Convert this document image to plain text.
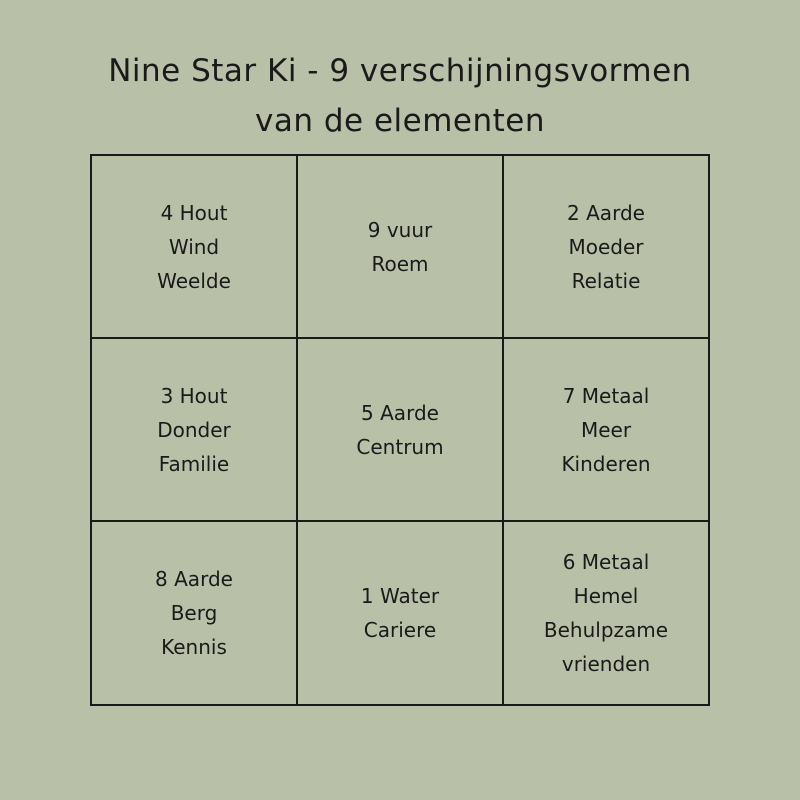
Nine Star Ki - 9 verschijningsvormen
van de elementen
4 Hout
Wind
Weelde
9 vuur
Roem
2 Aarde
Moeder
Relatie
3 Hout
Donder
Familie
5 Aarde
Centrum
7 Metaal
Meer
Kinderen
8 Aarde
Berg
Kennis
1 Water
Cariere
6 Metaal
Hemel
Behulpzame
vrienden
